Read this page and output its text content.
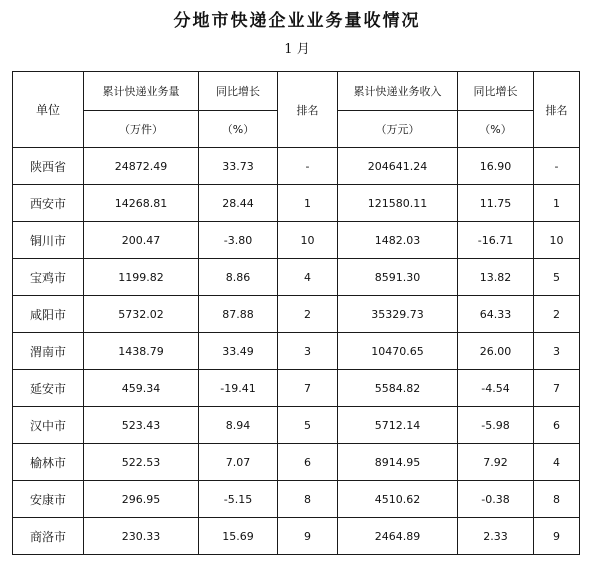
分地市快递企业业务量收情况
1 月
单位	累计快递业务量	同比增长	排名	累计快递业务收入	同比增长	排名
	（万件）	（%）		（万元）	（%）	
陕西省	24872.49	33.73	-	204641.24	16.90	-
西安市	14268.81	28.44	1	121580.11	11.75	1
铜川市	200.47	-3.80	10	1482.03	-16.71	10
宝鸡市	1199.82	8.86	4	8591.30	13.82	5
咸阳市	5732.02	87.88	2	35329.73	64.33	2
渭南市	1438.79	33.49	3	10470.65	26.00	3
延安市	459.34	-19.41	7	5584.82	-4.54	7
汉中市	523.43	8.94	5	5712.14	-5.98	6
榆林市	522.53	7.07	6	8914.95	7.92	4
安康市	296.95	-5.15	8	4510.62	-0.38	8
商洛市	230.33	15.69	9	2464.89	2.33	9
